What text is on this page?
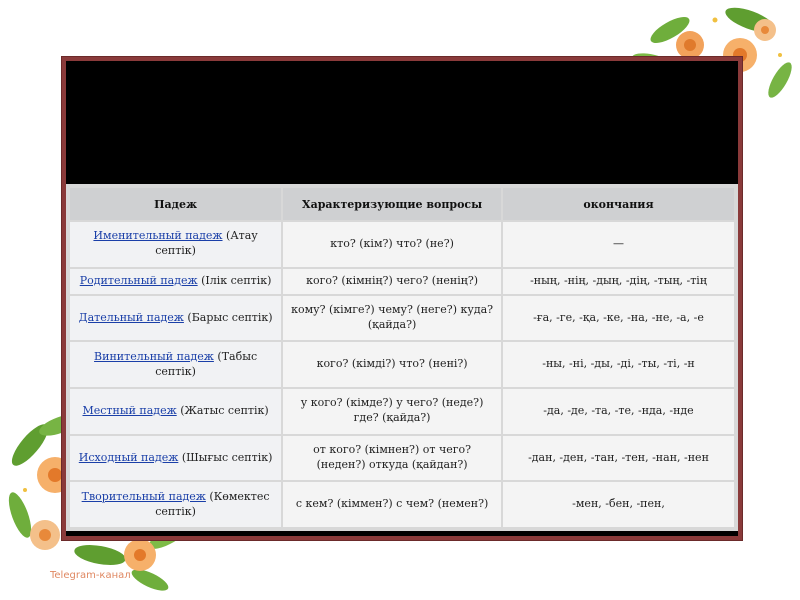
Telegram-канал
Падеж	Характеризующие вопросы	окончания
Именительный падеж (Атау септік)	кто? (кім?) что? (не?)	—
Родительный падеж (Ілік септік)	кого? (кімнің?) чего? (ненің?)	-ның, -нің, -дың, -дің, -тың, -тің
Дательный падеж (Барыс септік)	кому? (кімге?) чему? (неге?) куда? (қайда?)	-ға, -ге, -қа, -ке, -на, -не, -а, -е
Винительный падеж (Табыс септік)	кого? (кімді?) что? (нені?)	-ны, -ні, -ды, -ді, -ты, -ті, -н
Местный падеж (Жатыс септік)	у кого? (кімде?) у чего? (неде?) где? (қайда?)	-да, -де, -та, -те, -нда, -нде
Исходный падеж (Шығыс септік)	от кого? (кімнен?) от чего? (неден?) откуда (қайдан?)	-дан, -ден, -тан, -тен, -нан, -нен
Творительный падеж (Көмектес септік)	с кем? (кіммен?) с чем? (немен?)	-мен, -бен, -пен,
